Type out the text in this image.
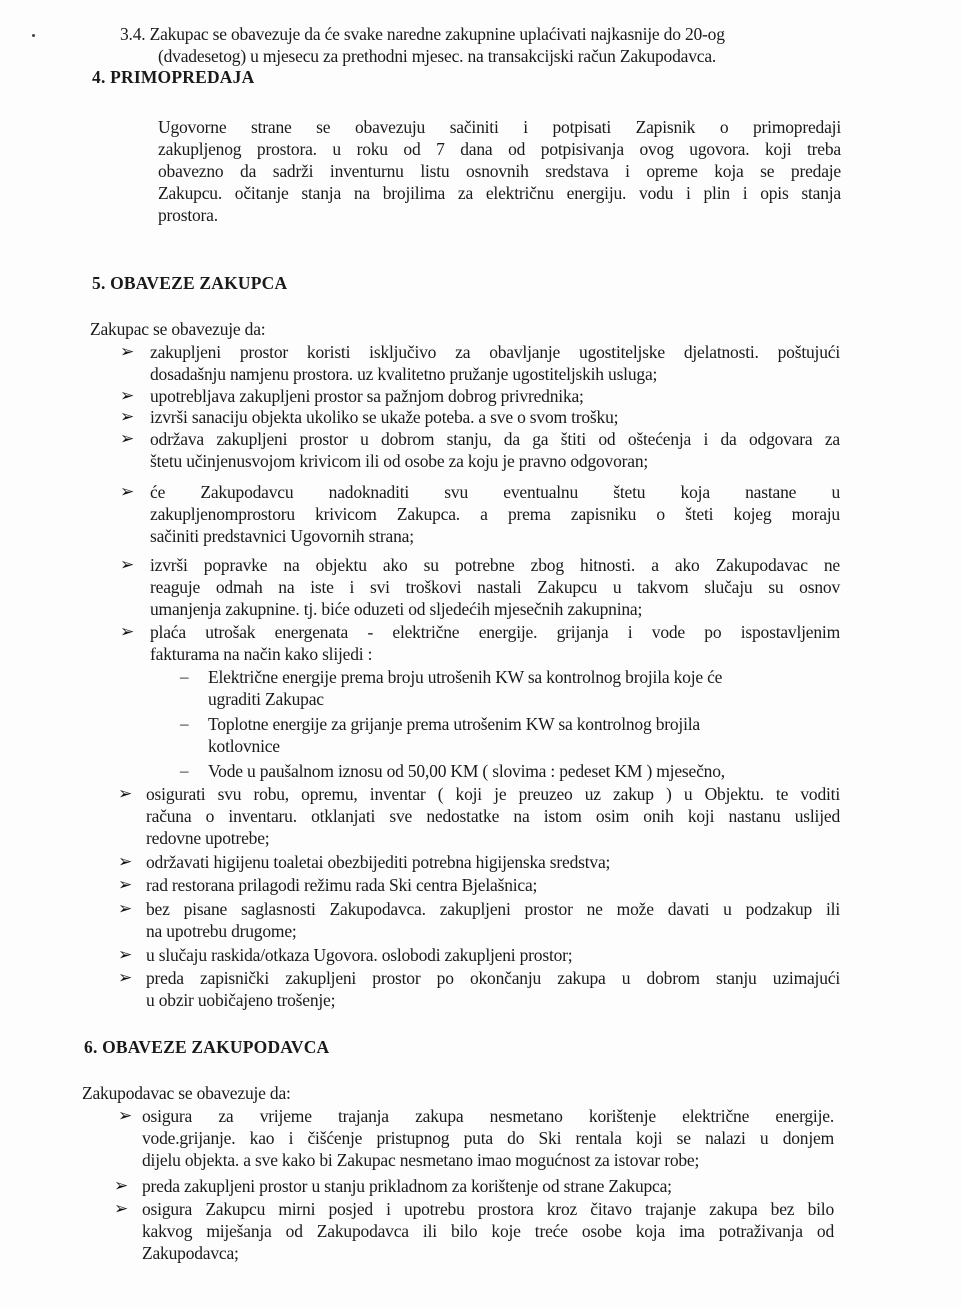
3.4. Zakupac se obavezuje da će svake naredne zakupnine uplaćivati najkasnije do 20-og
(dvadesetog) u mjesecu za prethodni mjesec. na transakcijski račun Zakupodavca.
4. PRIMOPREDAJA
Ugovorne strane se obavezuju sačiniti i potpisati Zapisnik o primopredaji
zakupljenog prostora. u roku od 7 dana od potpisivanja ovog ugovora. koji treba
obavezno da sadrži inventurnu listu osnovnih sredstava i opreme koja se predaje
Zakupcu. očitanje stanja na brojilima za električnu energiju. vodu i plin i opis stanja
prostora.
5. OBAVEZE ZAKUPCA
Zakupac se obavezuje da:
➢ zakupljeni prostor koristi isključivo za obavljanje ugostiteljske djelatnosti. poštujući
dosadašnju namjenu prostora. uz kvalitetno pružanje ugostiteljskih usluga;
➢ upotrebljava zakupljeni prostor sa pažnjom dobrog privrednika;
➢ izvrši sanaciju objekta ukoliko se ukaže poteba. a sve o svom trošku;
➢ održava zakupljeni prostor u dobrom stanju, da ga štiti od oštećenja i da odgovara za
štetu učinjenusvojom krivicom ili od osobe za koju je pravno odgovoran;
➢ će Zakupodavcu nadoknaditi svu eventualnu štetu koja nastane u
zakupljenomprostoru krivicom Zakupca. a prema zapisniku o šteti kojeg moraju
sačiniti predstavnici Ugovornih strana;
➢ izvrši popravke na objektu ako su potrebne zbog hitnosti. a ako Zakupodavac ne
reaguje odmah na iste i svi troškovi nastali Zakupcu u takvom slučaju su osnov
umanjenja zakupnine. tj. biće oduzeti od sljedećih mjesečnih zakupnina;
➢ plaća utrošak energenata - električne energije. grijanja i vode po ispostavljenim
fakturama na način kako slijedi :
– Električne energije prema broju utrošenih KW sa kontrolnog brojila koje će
ugraditi Zakupac
– Toplotne energije za grijanje prema utrošenim KW sa kontrolnog brojila
kotlovnice
– Vode u paušalnom iznosu od 50,00 KM ( slovima : pedeset KM ) mjesečno,
➢ osigurati svu robu, opremu, inventar ( koji je preuzeo uz zakup ) u Objektu. te voditi
računa o inventaru. otklanjati sve nedostatke na istom osim onih koji nastanu uslijed
redovne upotrebe;
➢ održavati higijenu toaletai obezbijediti potrebna higijenska sredstva;
➢ rad restorana prilagodi režimu rada Ski centra Bjelašnica;
➢ bez pisane saglasnosti Zakupodavca. zakupljeni prostor ne može davati u podzakup ili
na upotrebu drugome;
➢ u slučaju raskida/otkaza Ugovora. oslobodi zakupljeni prostor;
➢ preda zapisnički zakupljeni prostor po okončanju zakupa u dobrom stanju uzimajući
u obzir uobičajeno trošenje;
6. OBAVEZE ZAKUPODAVCA
Zakupodavac se obavezuje da:
➢ osigura za vrijeme trajanja zakupa nesmetano korištenje električne energije.
vode.grijanje. kao i čišćenje pristupnog puta do Ski rentala koji se nalazi u donjem
dijelu objekta. a sve kako bi Zakupac nesmetano imao mogućnost za istovar robe;
➢ preda zakupljeni prostor u stanju prikladnom za korištenje od strane Zakupca;
➢ osigura Zakupcu mirni posjed i upotrebu prostora kroz čitavo trajanje zakupa bez bilo
kakvog miješanja od Zakupodavca ili bilo koje treće osobe koja ima potraživanja od
Zakupodavca;
